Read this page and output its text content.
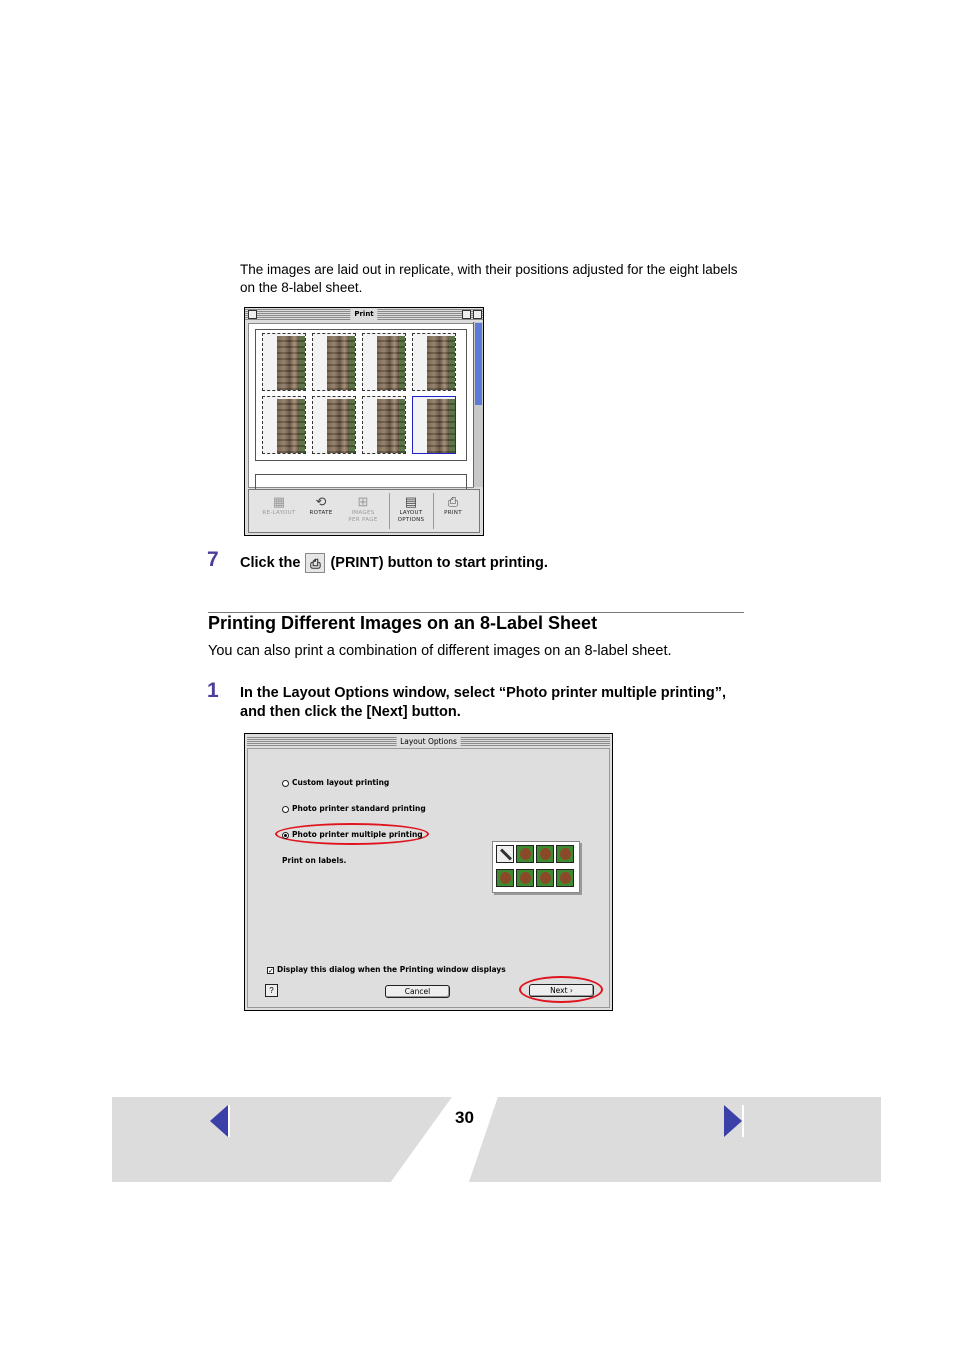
The images are laid out in replicate, with their positions adjusted for the eight labels on the 8-label sheet.
Print
▦
RE-LAYOUT
⟲
ROTATE
⊞
IMAGES
PER PAGE
▤
LAYOUT
OPTIONS
⎙
PRINT
7 Click the ⎙ (PRINT) button to start printing.
Printing Different Images on an 8-Label Sheet
You can also print a combination of different images on an 8-label sheet.
1 In the Layout Options window, select “Photo printer multiple printing”, and then click the [Next] button.
Layout Options
Custom layout printing
Photo printer standard printing
Photo printer multiple printing
Print on labels.
✓ Display this dialog when the Printing window displays
?	Cancel	Next ›
30
